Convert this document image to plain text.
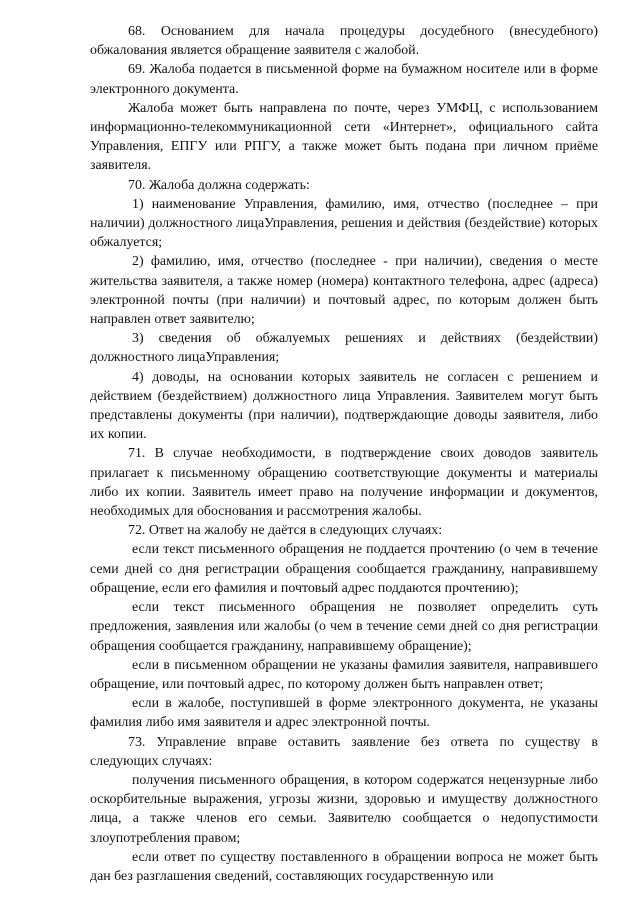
68. Основанием для начала процедуры досудебного (внесудебного) обжалования является обращение заявителя с жалобой.

69. Жалоба подается в письменной форме на бумажном носителе или в форме электронного документа.

Жалоба может быть направлена по почте, через УМФЦ, с использованием информационно-телекоммуникационной сети «Интернет», официального сайта Управления, ЕПГУ или РПГУ, а также может быть подана при личном приёме заявителя.

70. Жалоба должна содержать:

1) наименование Управления, фамилию, имя, отчество (последнее – при наличии) должностного лицаУправления, решения и действия (бездействие) которых обжалуется;

2) фамилию, имя, отчество (последнее - при наличии), сведения о месте жительства заявителя, а также номер (номера) контактного телефона, адрес (адреса) электронной почты (при наличии) и почтовый адрес, по которым должен быть направлен ответ заявителю;

3) сведения об обжалуемых решениях и действиях (бездействии) должностного лицаУправления;

4) доводы, на основании которых заявитель не согласен с решением и действием (бездействием) должностного лица Управления. Заявителем могут быть представлены документы (при наличии), подтверждающие доводы заявителя, либо их копии.

71. В случае необходимости, в подтверждение своих доводов заявитель прилагает к письменному обращению соответствующие документы и материалы либо их копии. Заявитель имеет право на получение информации и документов, необходимых для обоснования и рассмотрения жалобы.

72. Ответ на жалобу не даётся в следующих случаях:

если текст письменного обращения не поддается прочтению (о чем в течение семи дней со дня регистрации обращения сообщается гражданину, направившему обращение, если его фамилия и почтовый адрес поддаются прочтению);

если текст письменного обращения не позволяет определить суть предложения, заявления или жалобы (о чем в течение семи дней со дня регистрации обращения сообщается гражданину, направившему обращение);

если в письменном обращении не указаны фамилия заявителя, направившего обращение, или почтовый адрес, по которому должен быть направлен ответ;

если в жалобе, поступившей в форме электронного документа, не указаны фамилия либо имя заявителя и адрес электронной почты.

73. Управление вправе оставить заявление без ответа по существу в следующих случаях:

получения письменного обращения, в котором содержатся нецензурные либо оскорбительные выражения, угрозы жизни, здоровью и имуществу должностного лица, а также членов его семьи. Заявителю сообщается о недопустимости злоупотребления правом;

если ответ по существу поставленного в обращении вопроса не может быть дан без разглашения сведений, составляющих государственную или
